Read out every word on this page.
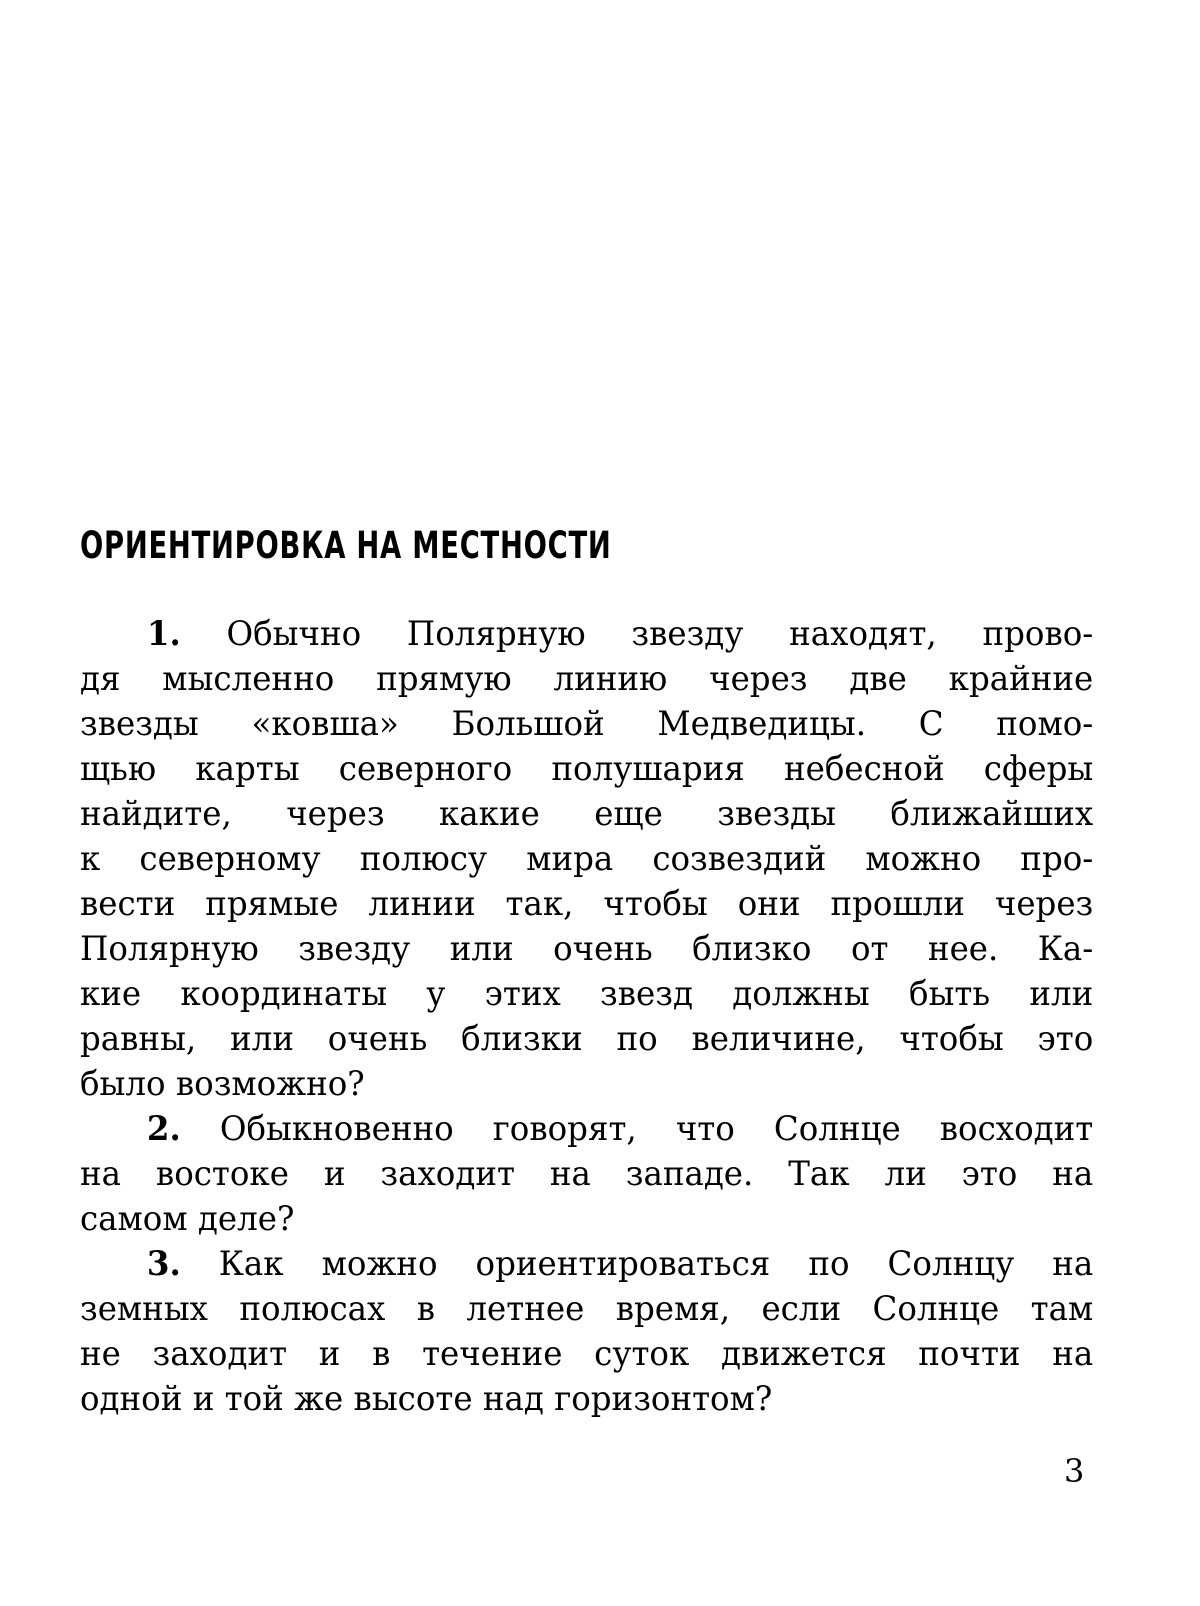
ОРИЕНТИРОВКА НА МЕСТНОСТИ
1. Обычно Полярную звезду находят, прово-
дя мысленно прямую линию через две крайние
звезды «ковша» Большой Медведицы. С помо-
щью карты северного полушария небесной сферы
найдите, через какие еще звезды ближайших
к северному полюсу мира созвездий можно про-
вести прямые линии так, чтобы они прошли через
Полярную звезду или очень близко от нее. Ка-
кие координаты у этих звезд должны быть или
равны, или очень близки по величине, чтобы это
было возможно?
2. Обыкновенно говорят, что Солнце восходит
на востоке и заходит на западе. Так ли это на
самом деле?
3. Как можно ориентироваться по Солнцу на
земных полюсах в летнее время, если Солнце там
не заходит и в течение суток движется почти на
одной и той же высоте над горизонтом?
3
